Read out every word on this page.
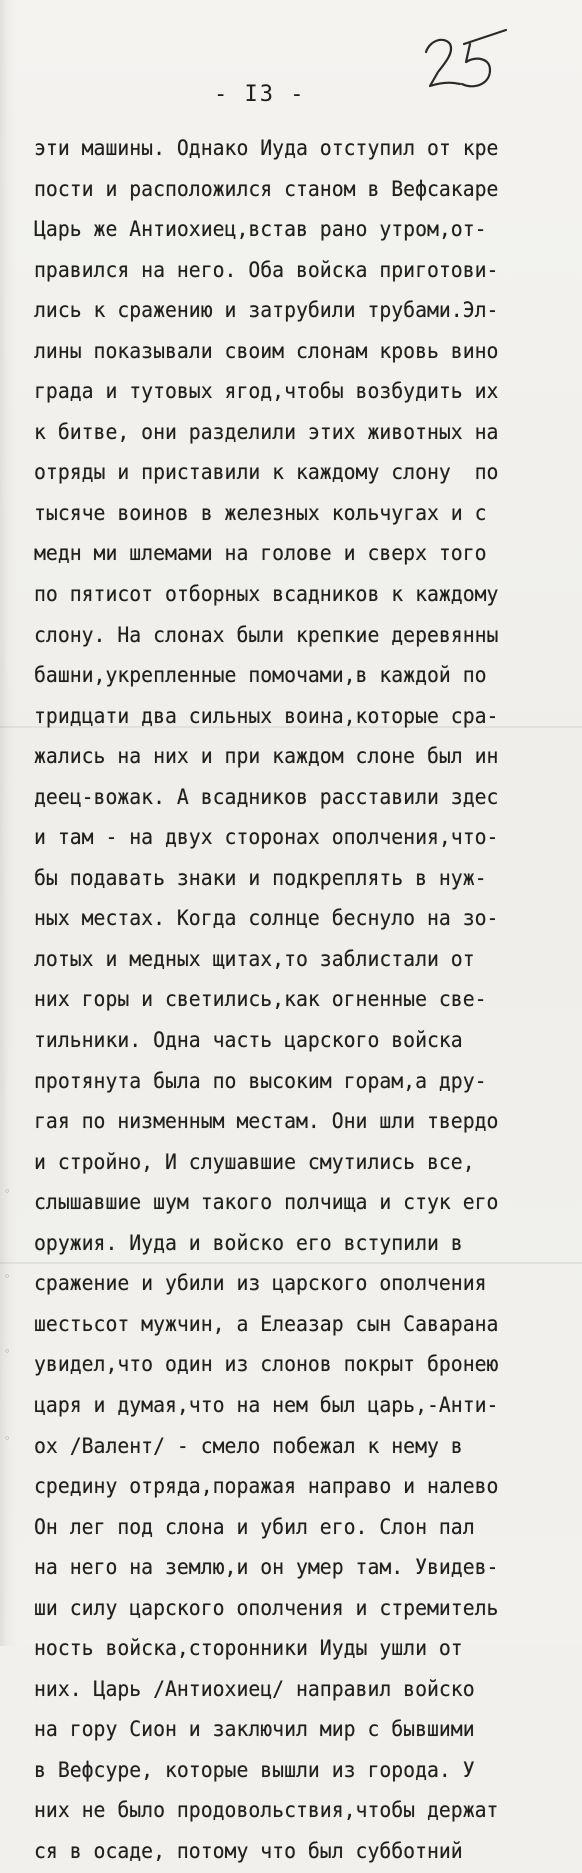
◦
◦
◦
◦
- I3 -
эти машины. Однако Иуда отступил от кре
пости и расположился станом в Вефсакаре
Царь же Антиохиец,встав рано утром,от-
правился на него. Оба войска приготови-
лись к сражению и затрубили трубами.Эл-
лины показывали своим слонам кровь вино
града и тутовых ягод,чтобы возбудить их
к битве, они разделили этих животных на
отряды и приставили к каждому слону  по
тысяче воинов в железных кольчугах и с
медн ми шлемами на голове и сверх того
по пятисот отборных всадников к каждому
слону. На слонах были крепкие деревянны
башни,укрепленные помочами,в каждой по
тридцати два сильных воина,которые сра-
жались на них и при каждом слоне был ин
деец-вожак. А всадников расставили здес
и там - на двух сторонах ополчения,что-
бы подавать знаки и подкреплять в нуж-
ных местах. Когда солнце беснуло на зо-
лотых и медных щитах,то заблистали от
них горы и светились,как огненные све-
тильники. Одна часть царского войска
протянута была по высоким горам,а дру-
гая по низменным местам. Они шли твердо
и стройно, И слушавшие смутились все,
слышавшие шум такого полчища и стук его
оружия. Иуда и войско его вступили в
сражение и убили из царского ополчения
шестьсот мужчин, а Елеазар сын Саварана
увидел,что один из слонов покрыт бронею
царя и думая,что на нем был царь,-Анти-
ох /Валент/ - смело побежал к нему в
средину отряда,поражая направо и налево
Он лег под слона и убил его. Слон пал
на него на землю,и он умер там. Увидев-
ши силу царского ополчения и стремитель
ность войска,сторонники Иуды ушли от
них. Царь /Антиохиец/ направил войско
на гору Сион и заключил мир с бывшими
в Вефсуре, которые вышли из города. У
них не было продовольствия,чтобы держат
ся в осаде, потому что был субботний
